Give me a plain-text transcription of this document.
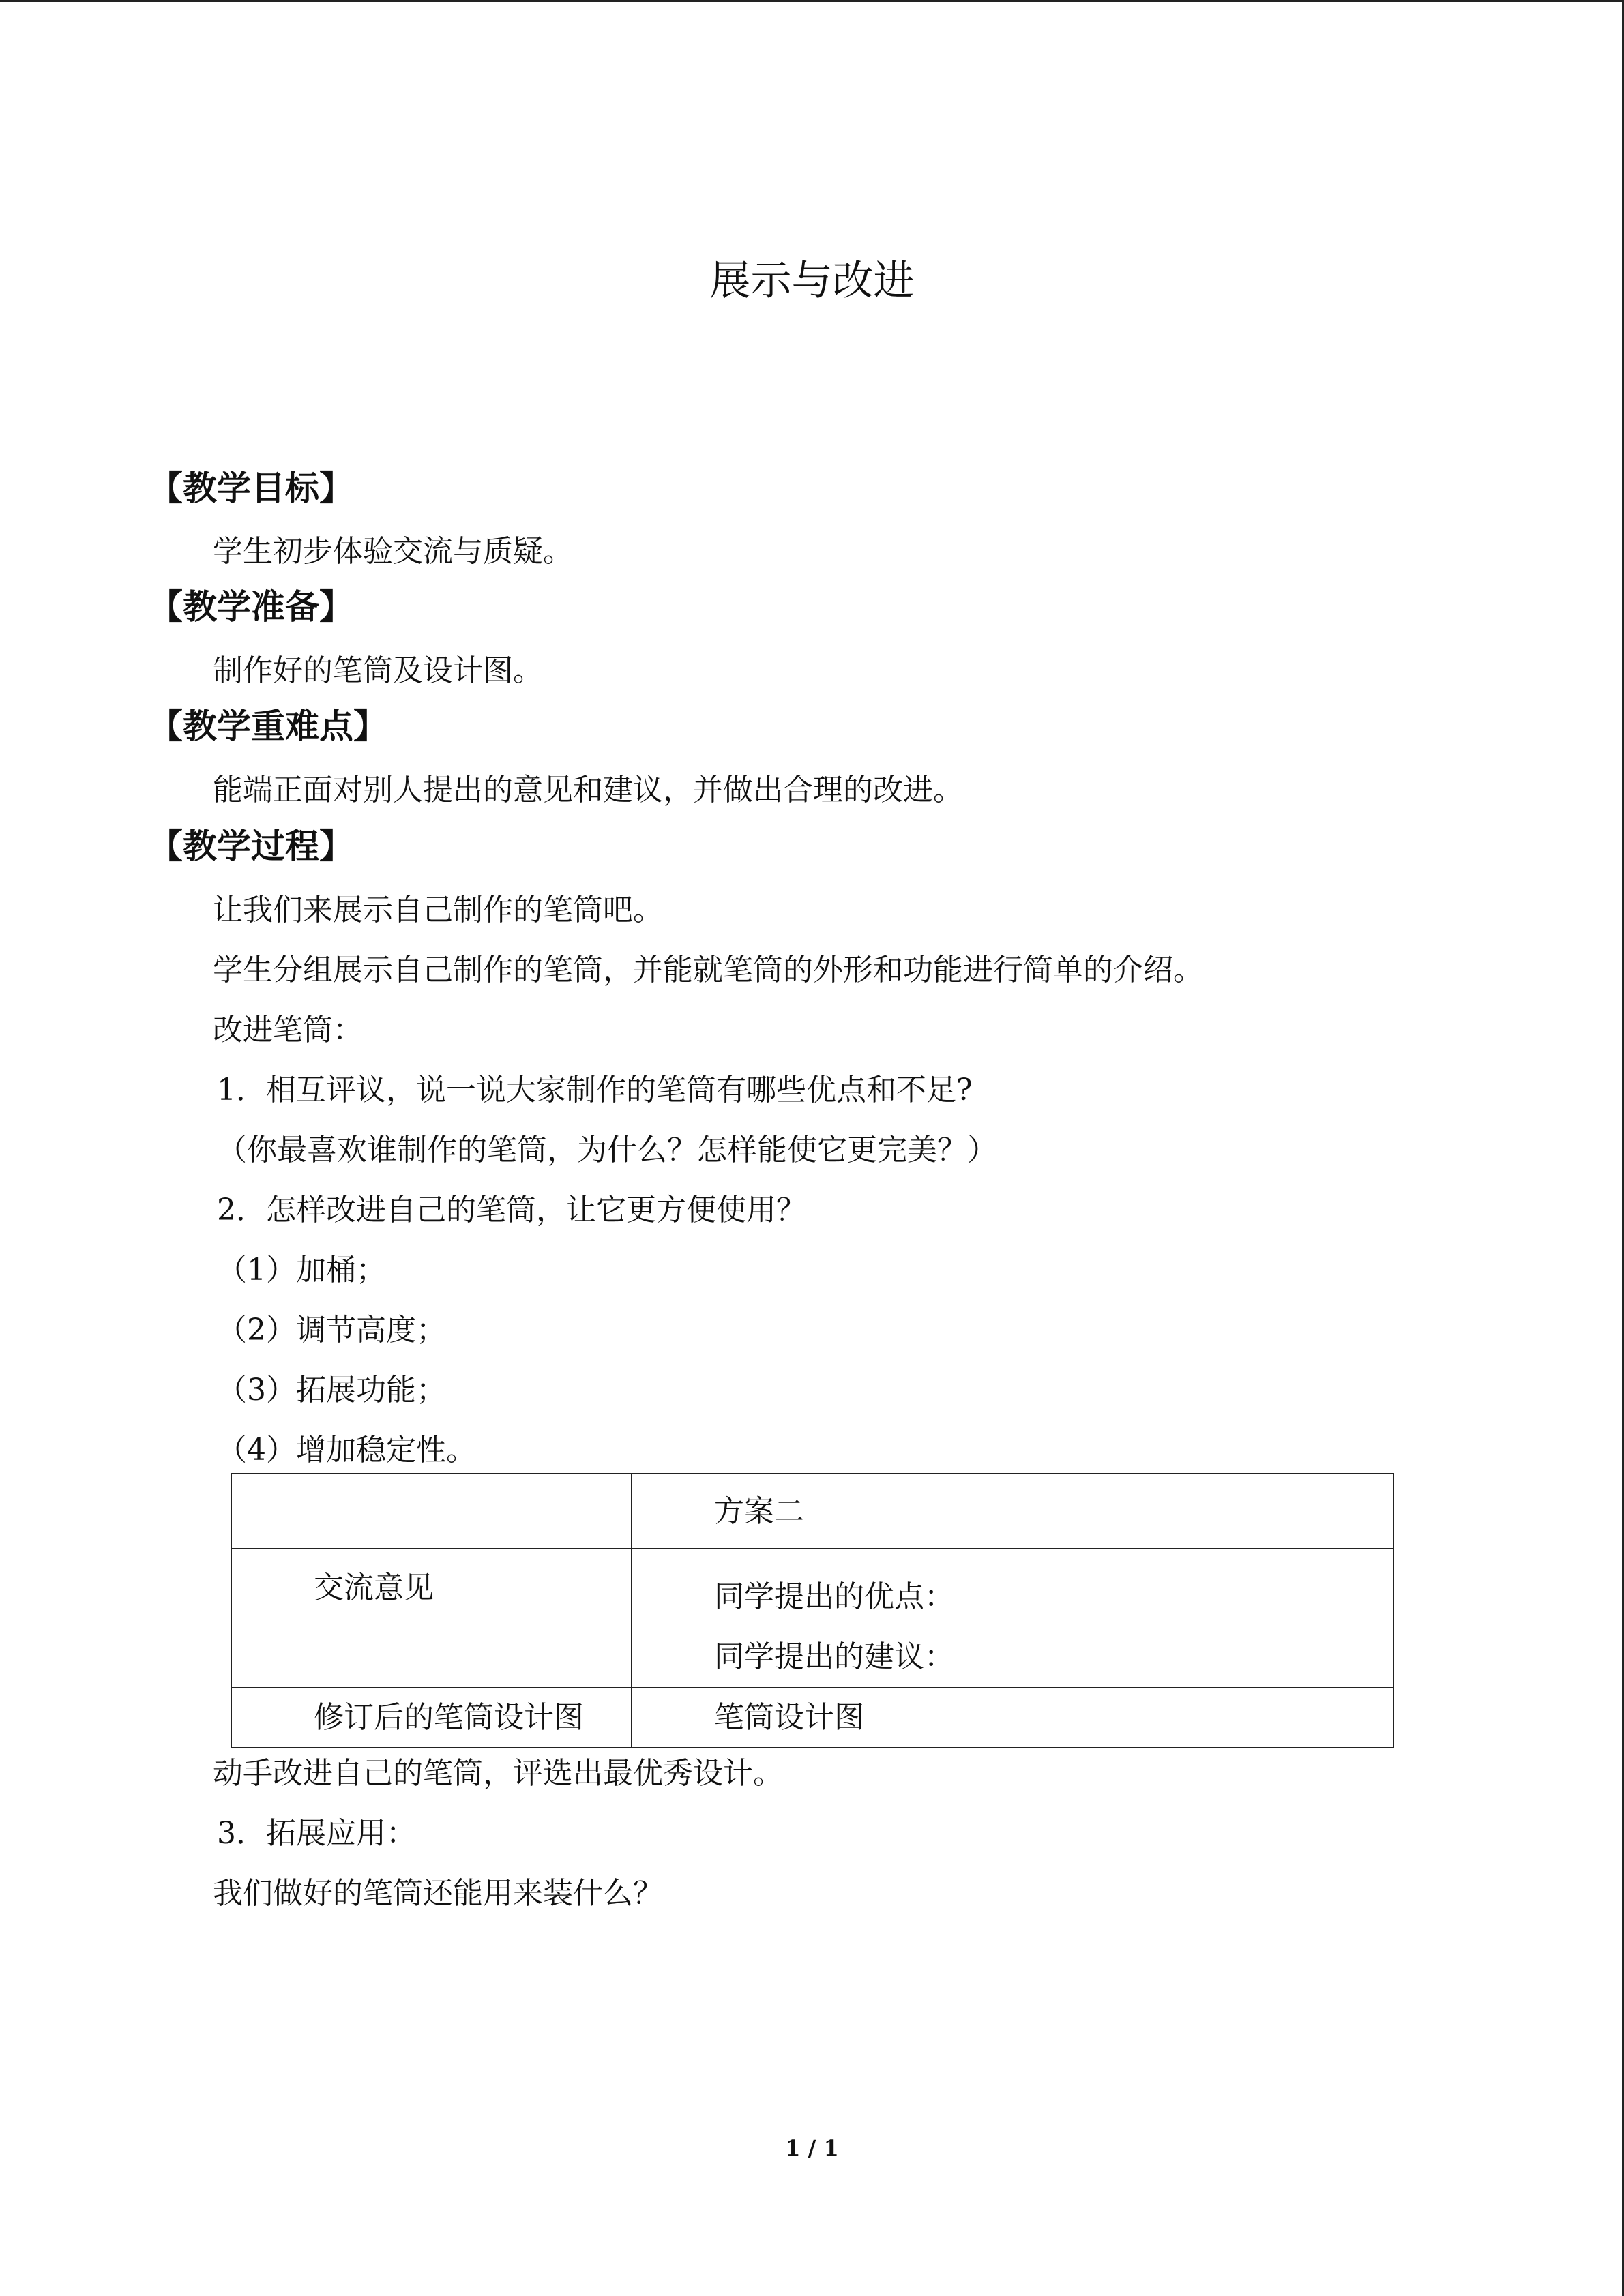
展示与改进
【教学目标】
学生初步体验交流与质疑。
【教学准备】
制作好的笔筒及设计图。
【教学重难点】
能端正面对别人提出的意见和建议，并做出合理的改进。
【教学过程】
让我们来展示自己制作的笔筒吧。
学生分组展示自己制作的笔筒，并能就笔筒的外形和功能进行简单的介绍。
改进笔筒：
1．相互评议，说一说大家制作的笔筒有哪些优点和不足?
（你最喜欢谁制作的笔筒，为什么？怎样能使它更完美？）
2．怎样改进自己的笔筒，让它更方便使用？
（1）加桶；
（2）调节高度；
（3）拓展功能；
（4）增加稳定性。

	方案二

交流意见	同学提出的优点：
同学提出的建议：

修订后的笔筒设计图	笔筒设计图
动手改进自己的笔筒，评选出最优秀设计。
3．拓展应用：
我们做好的笔筒还能用来装什么？
1 / 1
